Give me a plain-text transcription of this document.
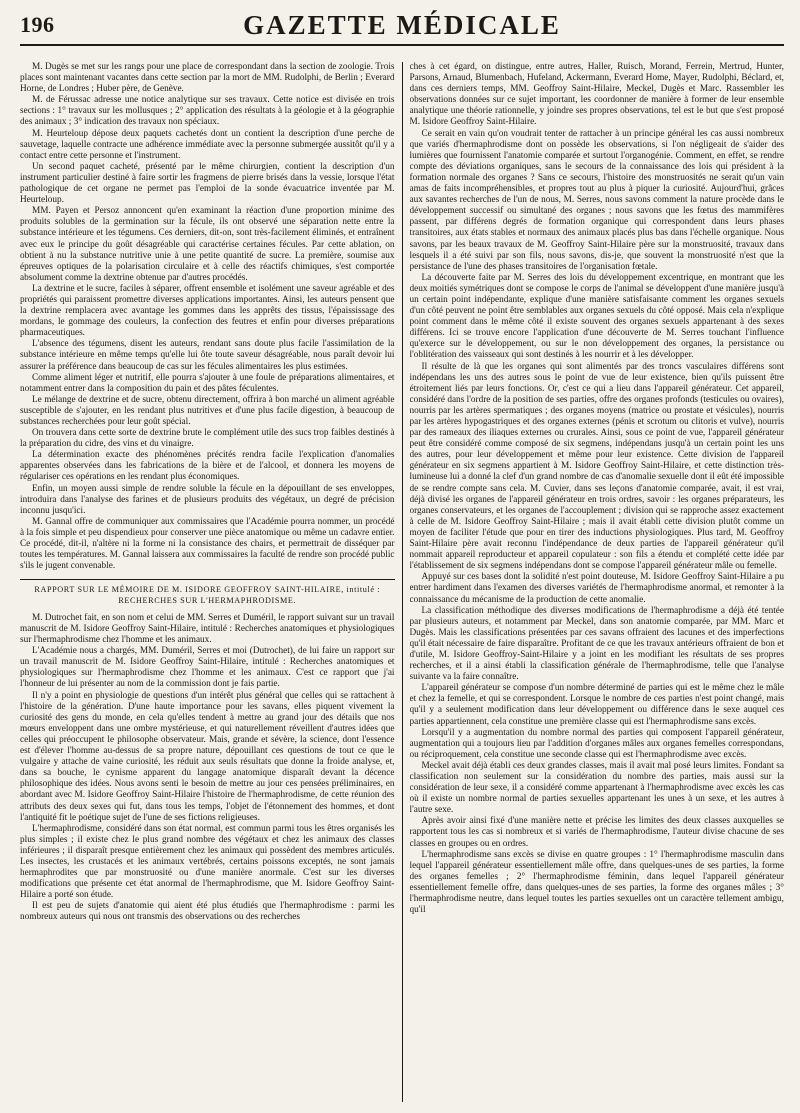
196	GAZETTE MÉDICALE

M. Dugès se met sur les rangs pour une place de correspondant dans la section de zoologie. Trois places sont maintenant vacantes dans cette section par la mort de MM. Rudolphi, de Berlin ; Everard Horne, de Londres ; Huber père, de Genève.

M. de Férussac adresse une notice analytique sur ses travaux. Cette notice est divisée en trois sections : 1° travaux sur les mollusques ; 2° application des résultats à la géologie et à la géographie des animaux ; 3° indication des travaux non spéciaux.

M. Heurteloup dépose deux paquets cachetés dont un contient la description d'une perche de sauvetage, laquelle contracte une adhérence immédiate avec la personne submergée aussitôt qu'il y a contact entre cette personne et l'instrument.

Un second paquet cacheté, présenté par le même chirurgien, contient la description d'un instrument particulier destiné à faire sortir les fragmens de pierre brisés dans la vessie, lorsque l'état pathologique de cet organe ne permet pas l'emploi de la sonde évacuatrice inventée par M. Heurteloup.

MM. Payen et Persoz annoncent qu'en examinant la réaction d'une proportion minime des produits solubles de la germination sur la fécule, ils ont observé une séparation nette entre la substance intérieure et les tégumens. Ces derniers, dit-on, sont très-facilement éliminés, et entraînent avec eux le principe du goût désagréable qui caractérise certaines fécules. Par cette ablation, on obtient à nu la substance nutritive unie à une petite quantité de sucre. La première, soumise aux épreuves optiques de la polarisation circulaire et à celle des réactifs chimiques, s'est comportée absolument comme la dextrine obtenue par d'autres procédés.

La dextrine et le sucre, faciles à séparer, offrent ensemble et isolément une saveur agréable et des propriétés qui paraissent promettre diverses applications importantes. Ainsi, les auteurs pensent que la dextrine remplacera avec avantage les gommes dans les apprêts des tissus, l'épaississage des mordans, le gommage des couleurs, la confection des feutres et enfin pour diverses préparations pharmaceutiques.

L'absence des tégumens, disent les auteurs, rendant sans doute plus facile l'assimilation de la substance intérieure en même temps qu'elle lui ôte toute saveur désagréable, nous paraît devoir lui assurer la préférence dans beaucoup de cas sur les fécules alimentaires les plus estimées.

Comme aliment léger et nutritif, elle pourra s'ajouter à une foule de préparations alimentaires, et notamment entrer dans la composition du pain et des pâtes féculentes.

Le mélange de dextrine et de sucre, obtenu directement, offrira à bon marché un aliment agréable susceptible de s'ajouter, en les rendant plus nutritives et d'une plus facile digestion, à beaucoup de substances recherchées pour leur goût spécial.

On trouvera dans cette sorte de dextrine brute le complément utile des sucs trop faibles destinés à la préparation du cidre, des vins et du vinaigre.

La détermination exacte des phénomènes précités rendra facile l'explication d'anomalies apparentes observées dans les fabrications de la bière et de l'alcool, et donnera les moyens de régulariser ces opérations en les rendant plus économiques.

Enfin, un moyen aussi simple de rendre soluble la fécule en la dépouillant de ses enveloppes, introduira dans l'analyse des farines et de plusieurs produits des végétaux, un degré de précision inconnu jusqu'ici.

M. Gannal offre de communiquer aux commissaires que l'Académie pourra nommer, un procédé à la fois simple et peu dispendieux pour conserver une pièce anatomique ou même un cadavre entier. Ce procédé, dit-il, n'altère ni la forme ni la consistance des chairs, et permettrait de disséquer par toutes les températures. M. Gannal laissera aux commissaires la faculté de rendre son procédé public s'ils le jugent convenable.

RAPPORT SUR LE MÉMOIRE DE M. ISIDORE GEOFFROY SAINT-HILAIRE, intitulé : RECHERCHES SUR L'HERMAPHRODISME.

M. Dutrochet fait, en son nom et celui de MM. Serres et Duméril, le rapport suivant sur un travail manuscrit de M. Isidore Geoffroy Saint-Hilaire, intitulé : Recherches anatomiques et physiologiques sur l'hermaphrodisme chez l'homme et les animaux.

L'Académie nous a chargés, MM. Duméril, Serres et moi (Dutrochet), de lui faire un rapport sur un travail manuscrit de M. Isidore Geoffroy Saint-Hilaire, intitulé : Recherches anatomiques et physiologiques sur l'hermaphrodisme chez l'homme et les animaux. C'est ce rapport que j'ai l'honneur de lui présenter au nom de la commission dont je fais partie.

Il n'y a point en physiologie de questions d'un intérêt plus général que celles qui se rattachent à l'histoire de la génération. D'une haute importance pour les savans, elles piquent vivement la curiosité des gens du monde, en cela qu'elles tendent à mettre au grand jour des détails que nos mœurs enveloppent dans une ombre mystérieuse, et qui naturellement réveillent d'autres idées que celles qui préoccupent le philosophe observateur. Mais, grande et sévère, la science, dont l'essence est d'élever l'homme au-dessus de sa propre nature, dépouillant ces questions de tout ce que le vulgaire y attache de vaine curiosité, les réduit aux seuls résultats que donne la froide analyse, et, dans sa bouche, le cynisme apparent du langage anatomique disparaît devant la décence philosophique des idées. Nous avons senti le besoin de mettre au jour ces pensées préliminaires, en abordant avec M. Isidore Geoffroy Saint-Hilaire l'histoire de l'hermaphrodisme, de cette réunion des attributs des deux sexes qui fut, dans tous les temps, l'objet de l'étonnement des hommes, et dont l'antiquité fit le poétique sujet de l'une de ses fictions religieuses.

L'hermaphrodisme, considéré dans son état normal, est commun parmi tous les êtres organisés les plus simples ; il existe chez le plus grand nombre des végétaux et chez les animaux des classes inférieures ; il disparaît presque entièrement chez les animaux qui possèdent des membres articulés. Les insectes, les crustacés et les animaux vertébrés, certains poissons exceptés, ne sont jamais hermaphrodites que par monstruosité ou d'une manière anormale. C'est sur les diverses modifications que présente cet état anormal de l'hermaphrodisme, que M. Isidore Geoffroy Saint-Hilaire a porté son étude.

Il est peu de sujets d'anatomie qui aient été plus étudiés que l'hermaphrodisme : parmi les nombreux auteurs qui nous ont transmis des observations ou des recherches

ches à cet égard, on distingue, entre autres, Haller, Ruisch, Morand, Ferrein, Mertrud, Hunter, Parsons, Arnaud, Blumenbach, Hufeland, Ackermann, Everard Home, Mayer, Rudolphi, Béclard, et, dans ces derniers temps, MM. Geoffroy Saint-Hilaire, Meckel, Dugès et Marc. Rassembler les observations données sur ce sujet important, les coordonner de manière à former de leur ensemble analytique une théorie rationnelle, y joindre ses propres observations, tel est le but que s'est proposé M. Isidore Geoffroy Saint-Hilaire.

Ce serait en vain qu'on voudrait tenter de rattacher à un principe général les cas aussi nombreux que variés d'hermaphrodisme dont on possède les observations, si l'on négligeait de s'aider des lumières que fournissent l'anatomie comparée et surtout l'organogénie. Comment, en effet, se rendre compte des déviations organiques, sans le secours de la connaissance des lois qui président à la formation normale des organes ? Sans ce secours, l'histoire des monstruosités ne serait qu'un vain amas de faits incompréhensibles, et propres tout au plus à piquer la curiosité. Aujourd'hui, grâces aux savantes recherches de l'un de nous, M. Serres, nous savons comment la nature procède dans le développement successif ou simultané des organes ; nous savons que les fœtus des mammifères passent, par différens degrés de formation organique qui correspondent dans leurs phases transitoires, aux états stables et normaux des animaux placés plus bas dans l'échelle organique. Nous savons, par les beaux travaux de M. Geoffroy Saint-Hilaire père sur la monstruosité, travaux dans lesquels il a été suivi par son fils, nous savons, dis-je, que souvent la monstruosité n'est que la persistance de l'une des phases transitoires de l'organisation fœtale.

La découverte faite par M. Serres des lois du développement excentrique, en montrant que les deux moitiés symétriques dont se compose le corps de l'animal se développent d'une manière jusqu'à un certain point indépendante, explique d'une manière satisfaisante comment les organes sexuels d'un côté peuvent ne point être semblables aux organes sexuels du côté opposé. Mais cela n'explique point comment dans le même côté il existe souvent des organes sexuels appartenant à des sexes différens. Ici se trouve encore l'application d'une découverte de M. Serres touchant l'influence qu'exerce sur le développement, ou sur le non développement des organes, la persistance ou l'oblitération des vaisseaux qui sont destinés à les nourrir et à les développer.

Il résulte de là que les organes qui sont alimentés par des troncs vasculaires différens sont indépendans les uns des autres sous le point de vue de leur existence, bien qu'ils puissent être étroitement liés par leurs fonctions. Or, c'est ce qui a lieu dans l'appareil générateur. Cet appareil, considéré dans l'ordre de la position de ses parties, offre des organes profonds (testicules ou ovaires), nourris par les artères spermatiques ; des organes moyens (matrice ou prostate et vésicules), nourris par les artères hypogastriques et des organes externes (pénis et scrotum ou clitoris et vulve), nourris par des rameaux des iliaques externes ou crurales. Ainsi, sous ce point de vue, l'appareil générateur peut être considéré comme composé de six segmens, indépendans jusqu'à un certain point les uns des autres, pour leur développement et même pour leur existence. Cette division de l'appareil générateur en six segmens appartient à M. Isidore Geoffroy Saint-Hilaire, et cette distinction très-lumineuse lui a donné la clef d'un grand nombre de cas d'anomalie sexuelle dont il eût été impossible de se rendre compte sans cela. M. Cuvier, dans ses leçons d'anatomie comparée, avait, il est vrai, déjà divisé les organes de l'appareil générateur en trois ordres, savoir : les organes préparateurs, les organes conservateurs, et les organes de l'accouplement ; division qui se rapproche assez exactement à celle de M. Isidore Geoffroy Saint-Hilaire ; mais il avait établi cette division plutôt comme un moyen de faciliter l'étude que pour en tirer des inductions physiologiques. Plus tard, M. Geoffroy Saint-Hilaire père avait reconnu l'indépendance de deux parties de l'appareil générateur qu'il nommait appareil reproducteur et appareil copulateur : son fils a étendu et complété cette idée par l'établissement de six segmens indépendans dont se compose l'appareil générateur mâle ou femelle.

Appuyé sur ces bases dont la solidité n'est point douteuse, M. Isidore Geoffroy Saint-Hilaire a pu entrer hardiment dans l'examen des diverses variétés de l'hermaphrodisme anormal, et remonter à la connaissance du mécanisme de la production de cette anomalie.

La classification méthodique des diverses modifications de l'hermaphrodisme a déjà été tentée par plusieurs auteurs, et notamment par Meckel, dans son anatomie comparée, par MM. Marc et Dugès. Mais les classifications présentées par ces savans offraient des lacunes et des imperfections qu'il était nécessaire de faire disparaître. Profitant de ce que les travaux antérieurs offraient de bon et d'utile, M. Isidore Geoffroy-Saint-Hilaire y a joint en les modifiant les résultats de ses propres recherches, et il a ainsi établi la classification générale de l'hermaphrodisme, telle que l'analyse suivante va la faire connaître.

L'appareil générateur se compose d'un nombre déterminé de parties qui est le même chez le mâle et chez la femelle, et qui se correspondent. Lorsque le nombre de ces parties n'est point changé, mais qu'il y a seulement modification dans leur développement ou différence dans le sexe auquel ces parties appartiennent, cela constitue une première classe qui est l'hermaphrodisme sans excès.

Lorsqu'il y a augmentation du nombre normal des parties qui composent l'appareil générateur, augmentation qui a toujours lieu par l'addition d'organes mâles aux organes femelles correspondans, ou réciproquement, cela constitue une seconde classe qui est l'hermaphrodisme avec excès.

Meckel avait déjà établi ces deux grandes classes, mais il avait mal posé leurs limites. Fondant sa classification non seulement sur la considération du nombre des parties, mais aussi sur la considération de leur sexe, il a considéré comme appartenant à l'hermaphrodisme avec excès les cas où il existe un nombre normal de parties sexuelles appartenant les unes à un sexe, et les autres à l'autre sexe.

Après avoir ainsi fixé d'une manière nette et précise les limites des deux classes auxquelles se rapportent tous les cas si nombreux et si variés de l'hermaphrodisme, l'auteur divise chacune de ses classes en groupes ou en ordres.

L'hermaphrodisme sans excès se divise en quatre groupes : 1° l'hermaphrodisme masculin dans lequel l'appareil générateur essentiellement mâle offre, dans quelques-unes de ses parties, la forme des organes femelles ; 2° l'hermaphrodisme féminin, dans lequel l'appareil générateur essentiellement femelle offre, dans quelques-unes de ses parties, la forme des organes mâles ; 3° l'hermaphrodisme neutre, dans lequel toutes les parties sexuelles ont un caractère tellement ambigu, qu'il
